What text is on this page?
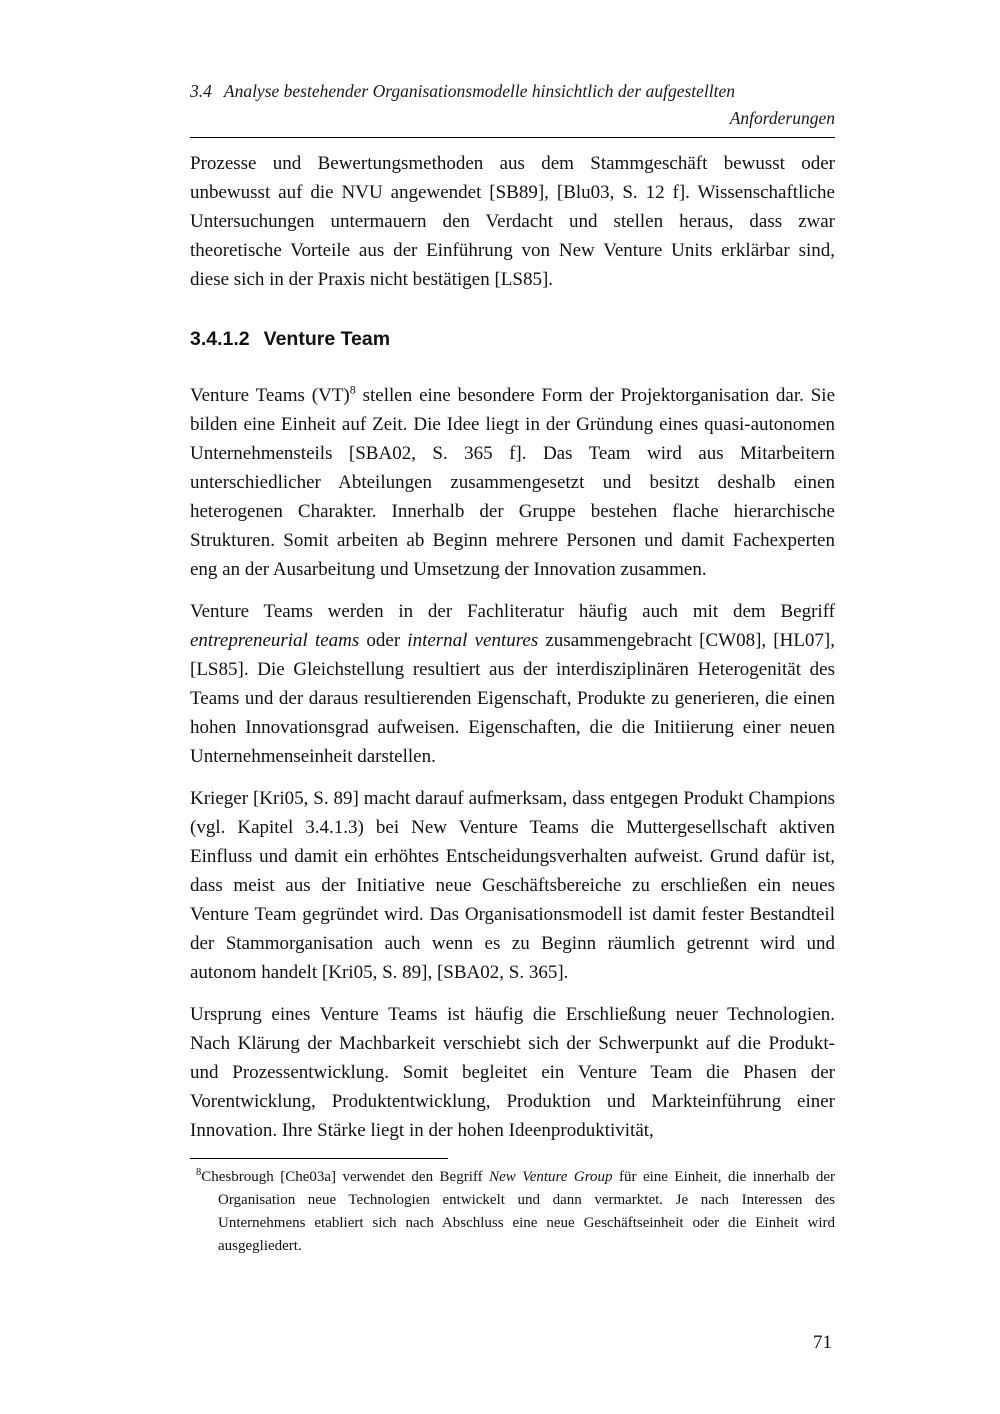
3.4 Analyse bestehender Organisationsmodelle hinsichtlich der aufgestellten
Anforderungen

Prozesse und Bewertungsmethoden aus dem Stammgeschäft bewusst oder unbewusst auf die NVU angewendet [SB89], [Blu03, S. 12 f]. Wissenschaftliche Untersuchungen untermauern den Verdacht und stellen heraus, dass zwar theoretische Vorteile aus der Einführung von New Venture Units erklärbar sind, diese sich in der Praxis nicht bestätigen [LS85].

3.4.1.2 Venture Team

Venture Teams (VT)$^8$ stellen eine besondere Form der Projektorganisation dar. Sie bilden eine Einheit auf Zeit. Die Idee liegt in der Gründung eines quasi-autonomen Unternehmensteils [SBA02, S. 365 f]. Das Team wird aus Mitarbeitern unterschiedlicher Abteilungen zusammengesetzt und besitzt deshalb einen heterogenen Charakter. Innerhalb der Gruppe bestehen flache hierarchische Strukturen. Somit arbeiten ab Beginn mehrere Personen und damit Fachexperten eng an der Ausarbeitung und Umsetzung der Innovation zusammen.

Venture Teams werden in der Fachliteratur häufig auch mit dem Begriff entrepreneurial teams oder internal ventures zusammengebracht [CW08], [HL07], [LS85]. Die Gleichstellung resultiert aus der interdisziplinären Heterogenität des Teams und der daraus resultierenden Eigenschaft, Produkte zu generieren, die einen hohen Innovationsgrad aufweisen. Eigenschaften, die die Initiierung einer neuen Unternehmenseinheit darstellen.

Krieger [Kri05, S. 89] macht darauf aufmerksam, dass entgegen Produkt Champions (vgl. Kapitel 3.4.1.3) bei New Venture Teams die Muttergesellschaft aktiven Einfluss und damit ein erhöhtes Entscheidungsverhalten aufweist. Grund dafür ist, dass meist aus der Initiative neue Geschäftsbereiche zu erschließen ein neues Venture Team gegründet wird. Das Organisationsmodell ist damit fester Bestandteil der Stammorganisation auch wenn es zu Beginn räumlich getrennt wird und autonom handelt [Kri05, S. 89], [SBA02, S. 365].

Ursprung eines Venture Teams ist häufig die Erschließung neuer Technologien. Nach Klärung der Machbarkeit verschiebt sich der Schwerpunkt auf die Produkt- und Prozessentwicklung. Somit begleitet ein Venture Team die Phasen der Vorentwicklung, Produktentwicklung, Produktion und Markteinführung einer Innovation. Ihre Stärke liegt in der hohen Ideenproduktivität,

$^8$Chesbrough [Che03a] verwendet den Begriff New Venture Group für eine Einheit, die innerhalb der Organisation neue Technologien entwickelt und dann vermarktet. Je nach Interessen des Unternehmens etabliert sich nach Abschluss eine neue Geschäftseinheit oder die Einheit wird ausgegliedert.

71
